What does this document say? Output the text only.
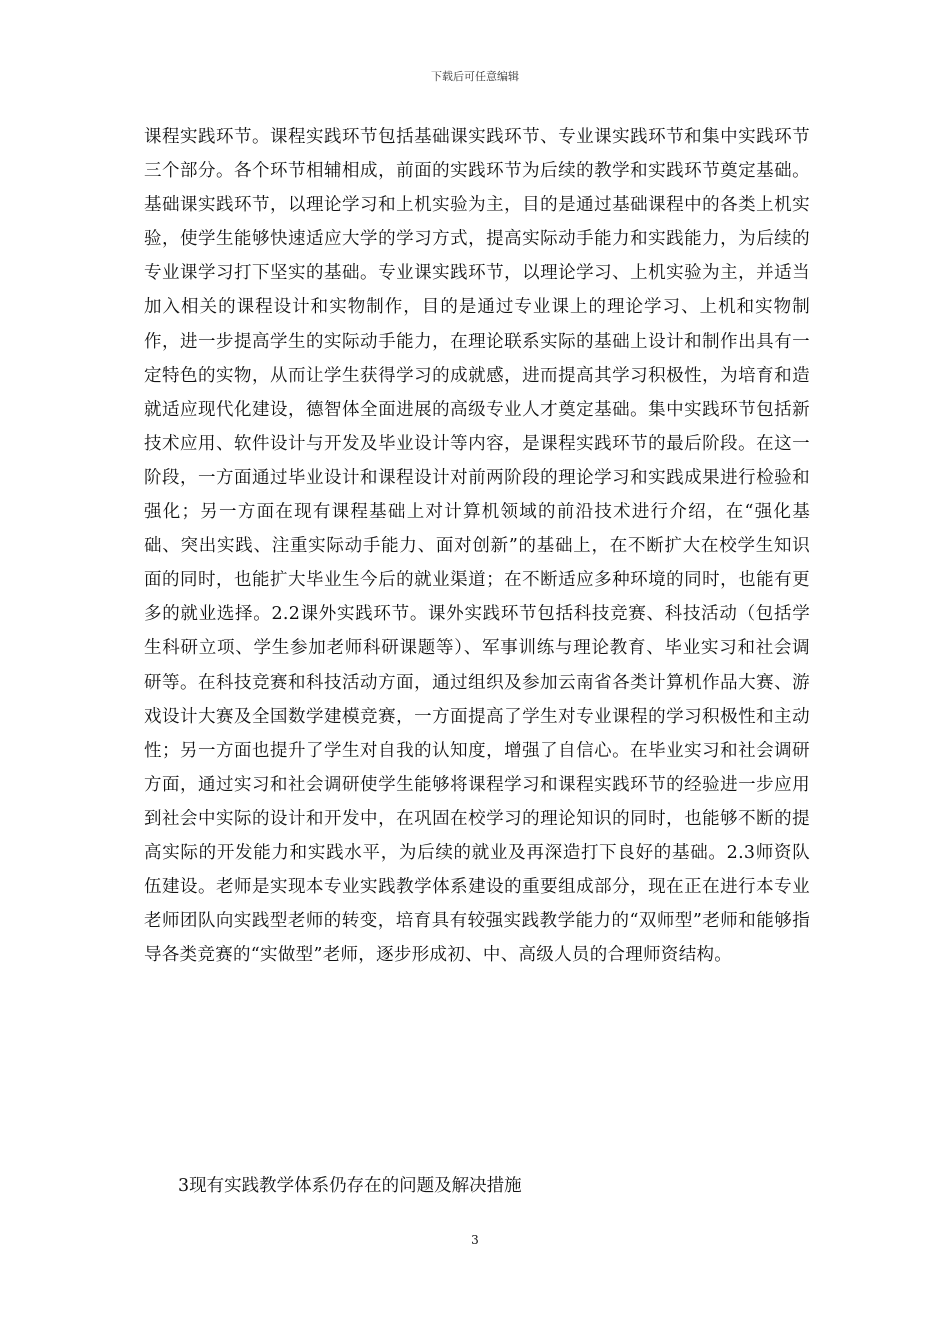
下载后可任意编辑

课程实践环节。课程实践环节包括基础课实践环节、专业课实践环节和集中实践环节三个部分。各个环节相辅相成，前面的实践环节为后续的教学和实践环节奠定基础。基础课实践环节，以理论学习和上机实验为主，目的是通过基础课程中的各类上机实验，使学生能够快速适应大学的学习方式，提高实际动手能力和实践能力，为后续的专业课学习打下坚实的基础。专业课实践环节，以理论学习、上机实验为主，并适当加入相关的课程设计和实物制作，目的是通过专业课上的理论学习、上机和实物制作，进一步提高学生的实际动手能力，在理论联系实际的基础上设计和制作出具有一定特色的实物，从而让学生获得学习的成就感，进而提高其学习积极性，为培育和造就适应现代化建设，德智体全面进展的高级专业人才奠定基础。集中实践环节包括新技术应用、软件设计与开发及毕业设计等内容，是课程实践环节的最后阶段。在这一阶段，一方面通过毕业设计和课程设计对前两阶段的理论学习和实践成果进行检验和强化；另一方面在现有课程基础上对计算机领域的前沿技术进行介绍，在“强化基础、突出实践、注重实际动手能力、面对创新”的基础上，在不断扩大在校学生知识面的同时，也能扩大毕业生今后的就业渠道；在不断适应多种环境的同时，也能有更多的就业选择。2.2课外实践环节。课外实践环节包括科技竞赛、科技活动（包括学生科研立项、学生参加老师科研课题等）、军事训练与理论教育、毕业实习和社会调研等。在科技竞赛和科技活动方面，通过组织及参加云南省各类计算机作品大赛、游戏设计大赛及全国数学建模竞赛，一方面提高了学生对专业课程的学习积极性和主动性；另一方面也提升了学生对自我的认知度，增强了自信心。在毕业实习和社会调研方面，通过实习和社会调研使学生能够将课程学习和课程实践环节的经验进一步应用到社会中实际的设计和开发中，在巩固在校学习的理论知识的同时，也能够不断的提高实际的开发能力和实践水平，为后续的就业及再深造打下良好的基础。2.3师资队伍建设。老师是实现本专业实践教学体系建设的重要组成部分，现在正在进行本专业老师团队向实践型老师的转变，培育具有较强实践教学能力的“双师型”老师和能够指导各类竞赛的“实做型”老师，逐步形成初、中、高级人员的合理师资结构。

3现有实践教学体系仍存在的问题及解决措施
3
